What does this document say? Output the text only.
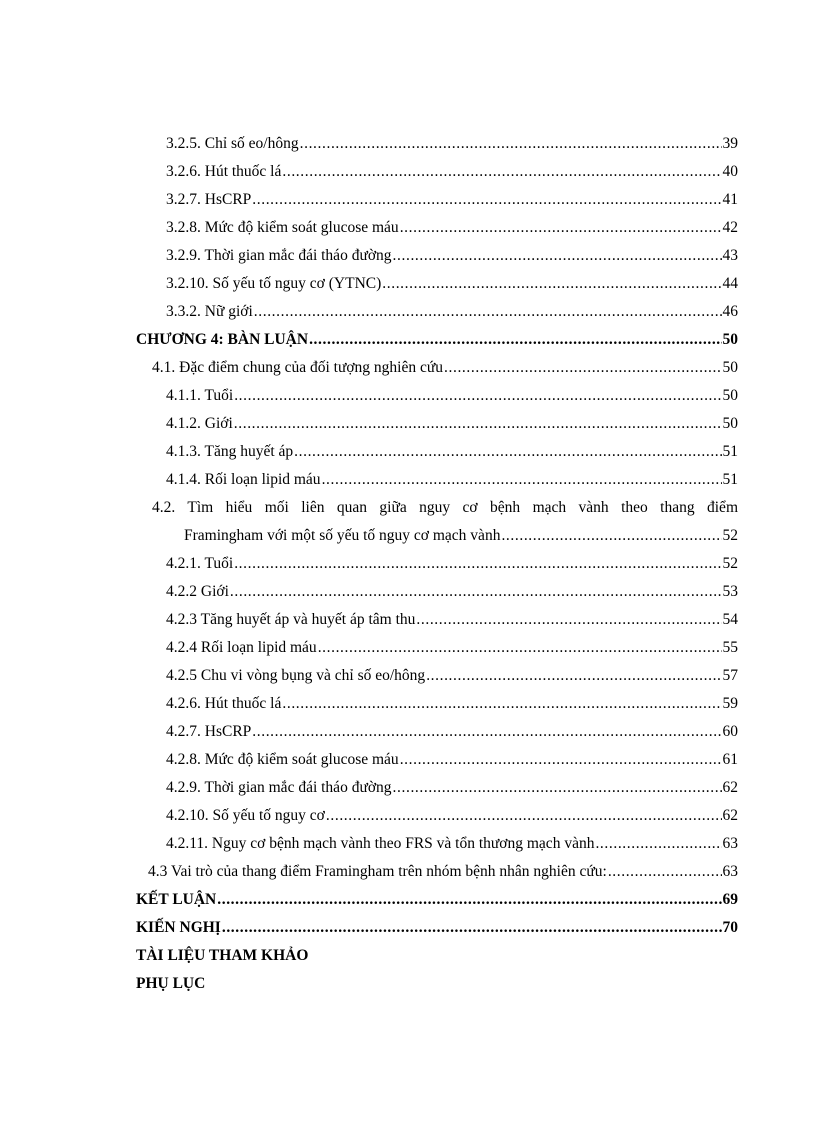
3.2.5. Chỉ số eo/hông .....	39
3.2.6. Hút thuốc lá .....	40
3.2.7. HsCRP .....	41
3.2.8. Mức độ kiểm soát glucose máu .....	42
3.2.9. Thời gian mắc đái tháo đường .....	43
3.2.10. Số yếu tố nguy cơ (YTNC) .....	44
3.3.2. Nữ giới .....	46
CHƯƠNG 4: BÀN LUẬN .....	50
4.1. Đặc điểm chung của đối tượng nghiên cứu .....	50
4.1.1. Tuổi .....	50
4.1.2. Giới .....	50
4.1.3. Tăng huyết áp .....	51
4.1.4. Rối loạn lipid máu .....	51
4.2. Tìm hiểu mối liên quan giữa nguy cơ bệnh mạch vành theo thang điểm
Framingham với một số yếu tố nguy cơ mạch vành .....	52
4.2.1. Tuổi .....	52
4.2.2 Giới .....	53
4.2.3 Tăng huyết áp và huyết áp tâm thu .....	54
4.2.4 Rối loạn lipid máu .....	55
4.2.5 Chu vi vòng bụng và chỉ số eo/hông .....	57
4.2.6. Hút thuốc lá .....	59
4.2.7. HsCRP .....	60
4.2.8. Mức độ kiểm soát glucose máu .....	61
4.2.9. Thời gian mắc đái tháo đường .....	62
4.2.10. Số yếu tố nguy cơ .....	62
4.2.11. Nguy cơ bệnh mạch vành theo FRS và tổn thương mạch vành .....	63
4.3 Vai trò của thang điểm Framingham trên nhóm bệnh nhân nghiên cứu: .....	63
KẾT LUẬN .....	69
KIẾN NGHỊ .....	70
TÀI LIỆU THAM KHẢO
PHỤ LỤC
